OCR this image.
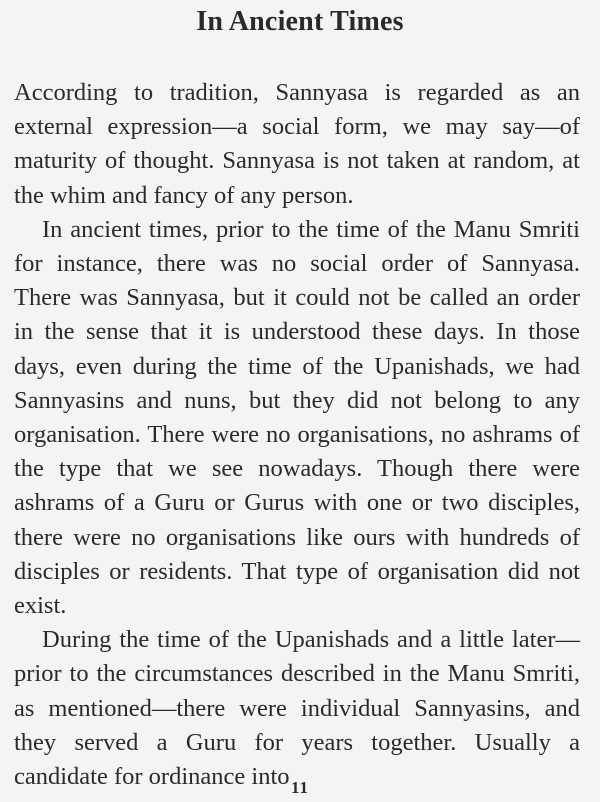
In Ancient Times

According to tradition, Sannyasa is regarded as an external expression—a social form, we may say—of maturity of thought. Sannyasa is not taken at random, at the whim and fancy of any person.

In ancient times, prior to the time of the Manu Smriti for instance, there was no social order of Sannyasa. There was Sannyasa, but it could not be called an order in the sense that it is understood these days. In those days, even during the time of the Upanishads, we had Sannyasins and nuns, but they did not belong to any organisation. There were no organisations, no ashrams of the type that we see nowadays. Though there were ashrams of a Guru or Gurus with one or two disciples, there were no organisations like ours with hundreds of disciples or residents. That type of organisation did not exist.

During the time of the Upanishads and a little later—prior to the circumstances described in the Manu Smriti, as mentioned—there were individual Sannyasins, and they served a Guru for years together. Usually a candidate for ordinance into 11
